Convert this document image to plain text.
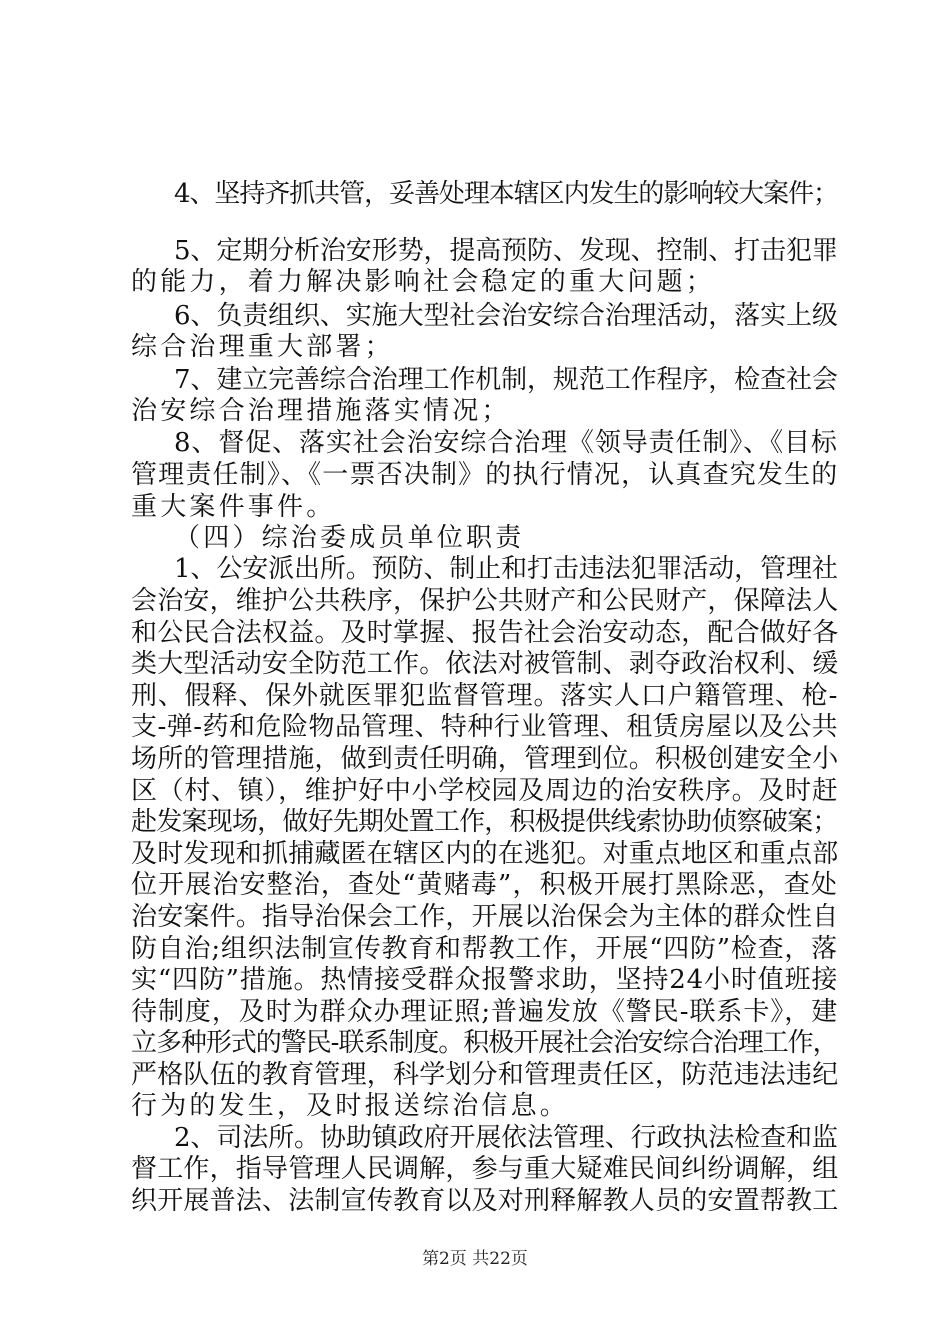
4、坚持齐抓共管，妥善处理本辖区内发生的影响较大案件；
5、定期分析治安形势，提高预防、发现、控制、打击犯罪
的能力，着力解决影响社会稳定的重大问题；
6、负责组织、实施大型社会治安综合治理活动，落实上级
综合治理重大部署；
7、建立完善综合治理工作机制，规范工作程序，检查社会
治安综合治理措施落实情况；
8、督促、落实社会治安综合治理《领导责任制》、《目标
管理责任制》、《一票否决制》的执行情况，认真查究发生的
重大案件事件。
（四）综治委成员单位职责
1、公安派出所。预防、制止和打击违法犯罪活动，管理社
会治安，维护公共秩序，保护公共财产和公民财产，保障法人
和公民合法权益。及时掌握、报告社会治安动态，配合做好各
类大型活动安全防范工作。依法对被管制、剥夺政治权利、缓
刑、假释、保外就医罪犯监督管理。落实人口户籍管理、枪-
支-弹-药和危险物品管理、特种行业管理、租赁房屋以及公共
场所的管理措施，做到责任明确，管理到位。积极创建安全小
区（村、镇），维护好中小学校园及周边的治安秩序。及时赶
赴发案现场，做好先期处置工作，积极提供线索协助侦察破案；
及时发现和抓捕藏匿在辖区内的在逃犯。对重点地区和重点部
位开展治安整治，查处“黄赌毒”，积极开展打黑除恶，查处
治安案件。指导治保会工作，开展以治保会为主体的群众性自
防自治;组织法制宣传教育和帮教工作，开展“四防”检查，落
实“四防”措施。热情接受群众报警求助，坚持24小时值班接
待制度，及时为群众办理证照;普遍发放《警民-联系卡》，建
立多种形式的警民-联系制度。积极开展社会治安综合治理工作，
严格队伍的教育管理，科学划分和管理责任区，防范违法违纪
行为的发生，及时报送综治信息。
2、司法所。协助镇政府开展依法管理、行政执法检查和监
督工作，指导管理人民调解，参与重大疑难民间纠纷调解，组
织开展普法、法制宣传教育以及对刑释解教人员的安置帮教工
第2页 共22页
